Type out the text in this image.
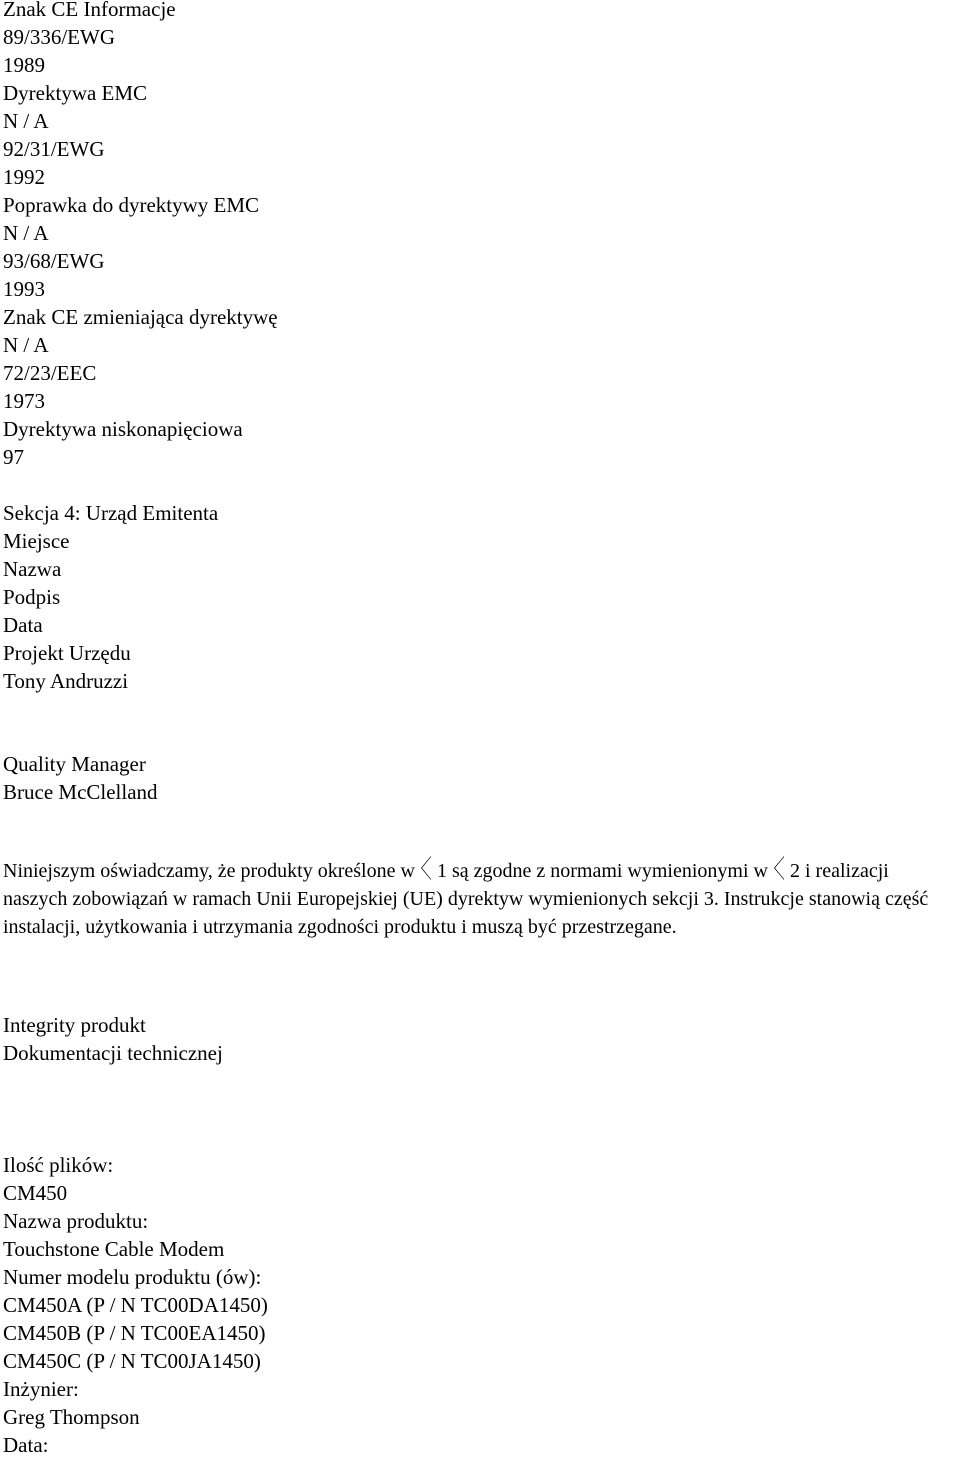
Znak CE Informacje
89/336/EWG
1989
Dyrektywa EMC
N / A
92/31/EWG
1992
Poprawka do dyrektywy EMC
N / A
93/68/EWG
1993
Znak CE zmieniająca dyrektywę
N / A
72/23/EEC
1973
Dyrektywa niskonapięciowa
97
Sekcja 4: Urząd Emitenta
Miejsce
Nazwa
Podpis
Data
Projekt Urzędu
Tony Andruzzi
Quality Manager
Bruce McClelland
Niniejszym oświadczamy, że produkty określone w 1 są zgodne z normami wymienionymi w 2 i realizacji naszych zobowiązań w ramach Unii Europejskiej (UE) dyrektyw wymienionych sekcji 3. Instrukcje stanowią część instalacji, użytkowania i utrzymania zgodności produktu i muszą być przestrzegane.
Integrity produkt
Dokumentacji technicznej
Ilość plików:
CM450
Nazwa produktu:
Touchstone Cable Modem
Numer modelu produktu (ów):
CM450A (P / N TC00DA1450)
CM450B (P / N TC00EA1450)
CM450C (P / N TC00JA1450)
Inżynier:
Greg Thompson
Data:
